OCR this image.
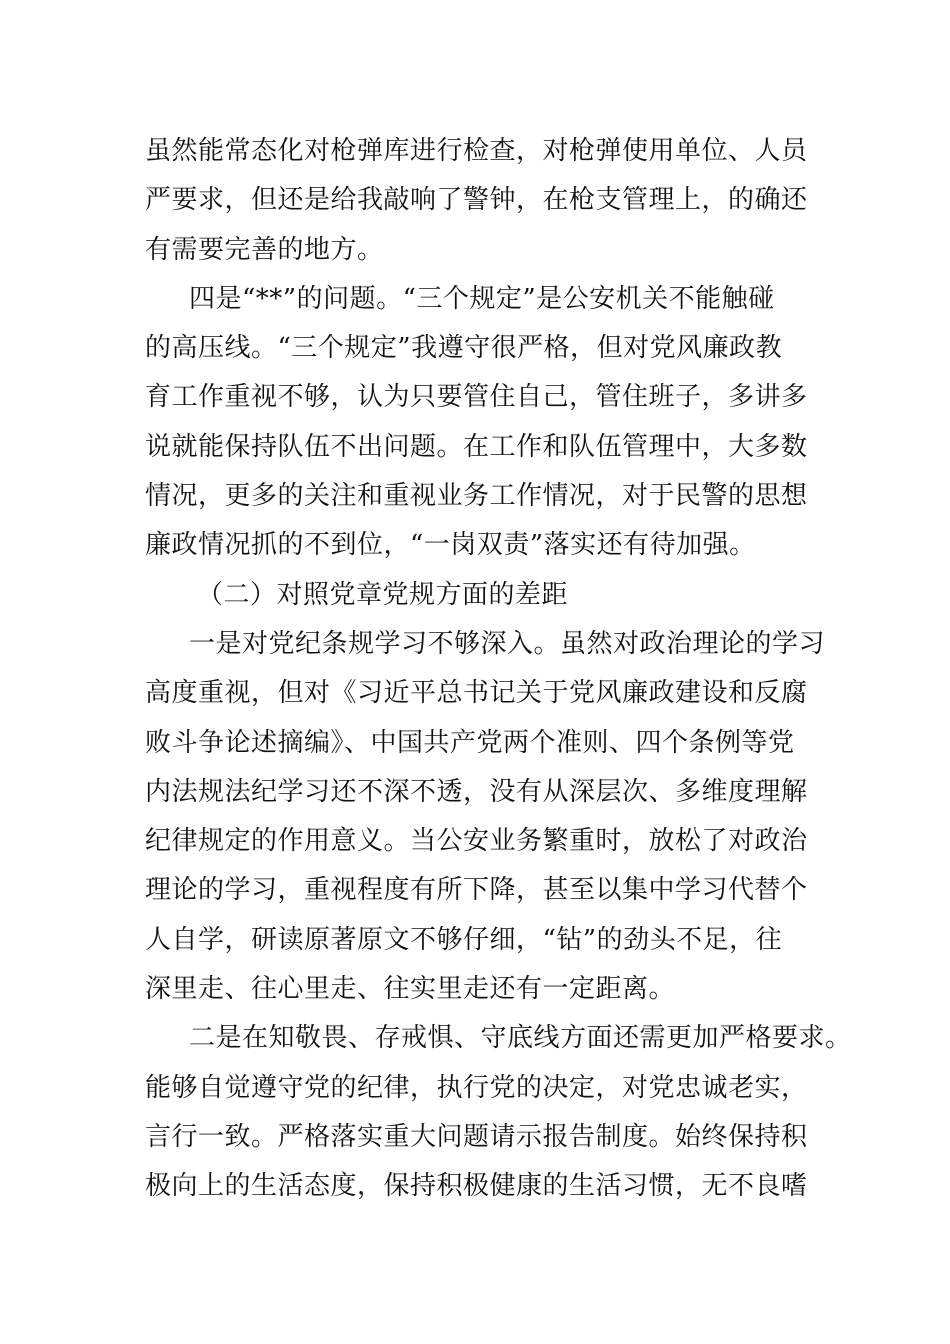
虽然能常态化对枪弹库进行检查，对枪弹使用单位、人员
严要求，但还是给我敲响了警钟，在枪支管理上，的确还
有需要完善的地方。
四是“**”的问题。“三个规定”是公安机关不能触碰
的高压线。“三个规定”我遵守很严格，但对党风廉政教
育工作重视不够，认为只要管住自己，管住班子，多讲多
说就能保持队伍不出问题。在工作和队伍管理中，大多数
情况，更多的关注和重视业务工作情况，对于民警的思想
廉政情况抓的不到位，“一岗双责”落实还有待加强。
（二）对照党章党规方面的差距
一是对党纪条规学习不够深入。虽然对政治理论的学习
高度重视，但对《习近平总书记关于党风廉政建设和反腐
败斗争论述摘编》、中国共产党两个准则、四个条例等党
内法规法纪学习还不深不透，没有从深层次、多维度理解
纪律规定的作用意义。当公安业务繁重时，放松了对政治
理论的学习，重视程度有所下降，甚至以集中学习代替个
人自学，研读原著原文不够仔细，“钻”的劲头不足，往
深里走、往心里走、往实里走还有一定距离。
二是在知敬畏、存戒惧、守底线方面还需更加严格要求。
能够自觉遵守党的纪律，执行党的决定，对党忠诚老实，
言行一致。严格落实重大问题请示报告制度。始终保持积
极向上的生活态度，保持积极健康的生活习惯，无不良嗜
